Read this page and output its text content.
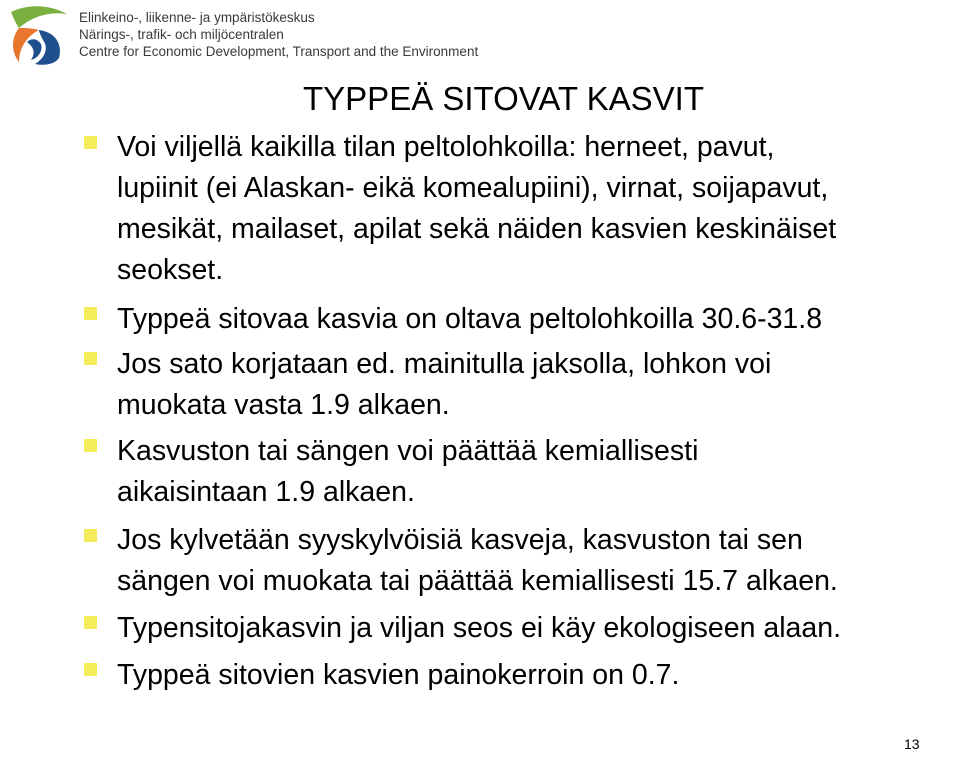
Elinkeino-, liikenne- ja ympäristökeskus
Närings-, trafik- och miljöcentralen
Centre for Economic Development, Transport and the Environment
TYPPEÄ SITOVAT KASVIT
Voi viljellä kaikilla tilan peltolohkoilla: herneet, pavut,
lupiinit (ei Alaskan- eikä komealupiini), virnat, soijapavut,
mesikät, mailaset, apilat sekä näiden kasvien keskinäiset
seokset.
Typpeä sitovaa kasvia on oltava peltolohkoilla 30.6-31.8
Jos sato korjataan ed. mainitulla jaksolla, lohkon voi
muokata vasta 1.9 alkaen.
Kasvuston tai sängen voi päättää kemiallisesti
aikaisintaan 1.9 alkaen.
Jos kylvetään syyskylvöisiä kasveja, kasvuston tai sen
sängen voi muokata tai päättää kemiallisesti 15.7 alkaen.
Typensitojakasvin ja viljan seos ei käy ekologiseen alaan.
Typpeä sitovien kasvien painokerroin on 0.7.
13
